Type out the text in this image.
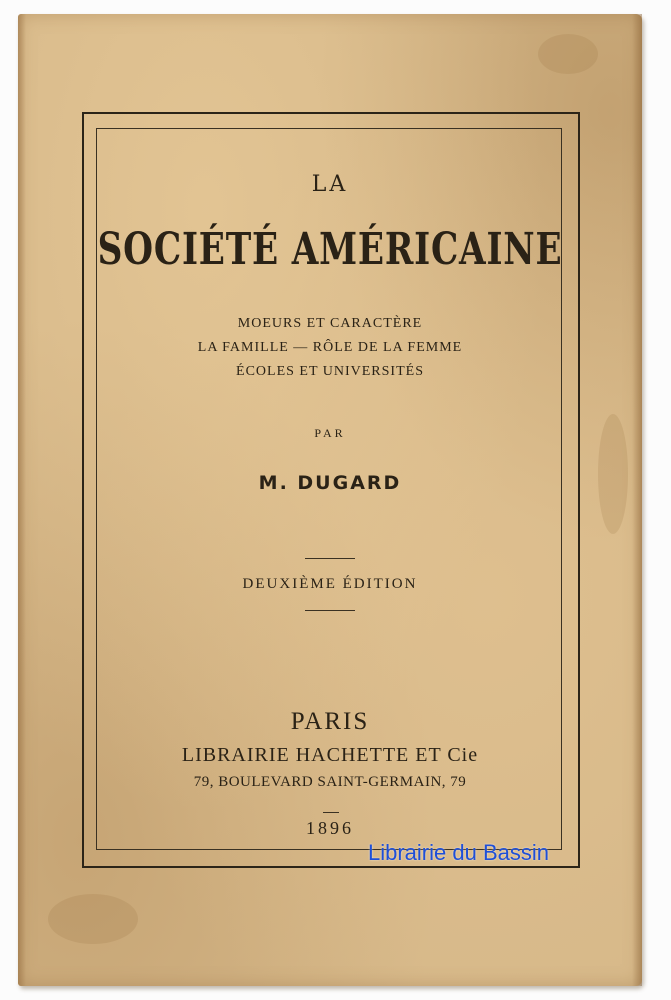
LA
SOCIÉTÉ AMÉRICAINE
MOEURS ET CARACTÈRE
LA FAMILLE — RÔLE DE LA FEMME
ÉCOLES ET UNIVERSITÉS
PAR
M. DUGARD
DEUXIÈME ÉDITION
PARIS
LIBRAIRIE HACHETTE ET Cie
79, BOULEVARD SAINT-GERMAIN, 79
1896
Librairie du Bassin
